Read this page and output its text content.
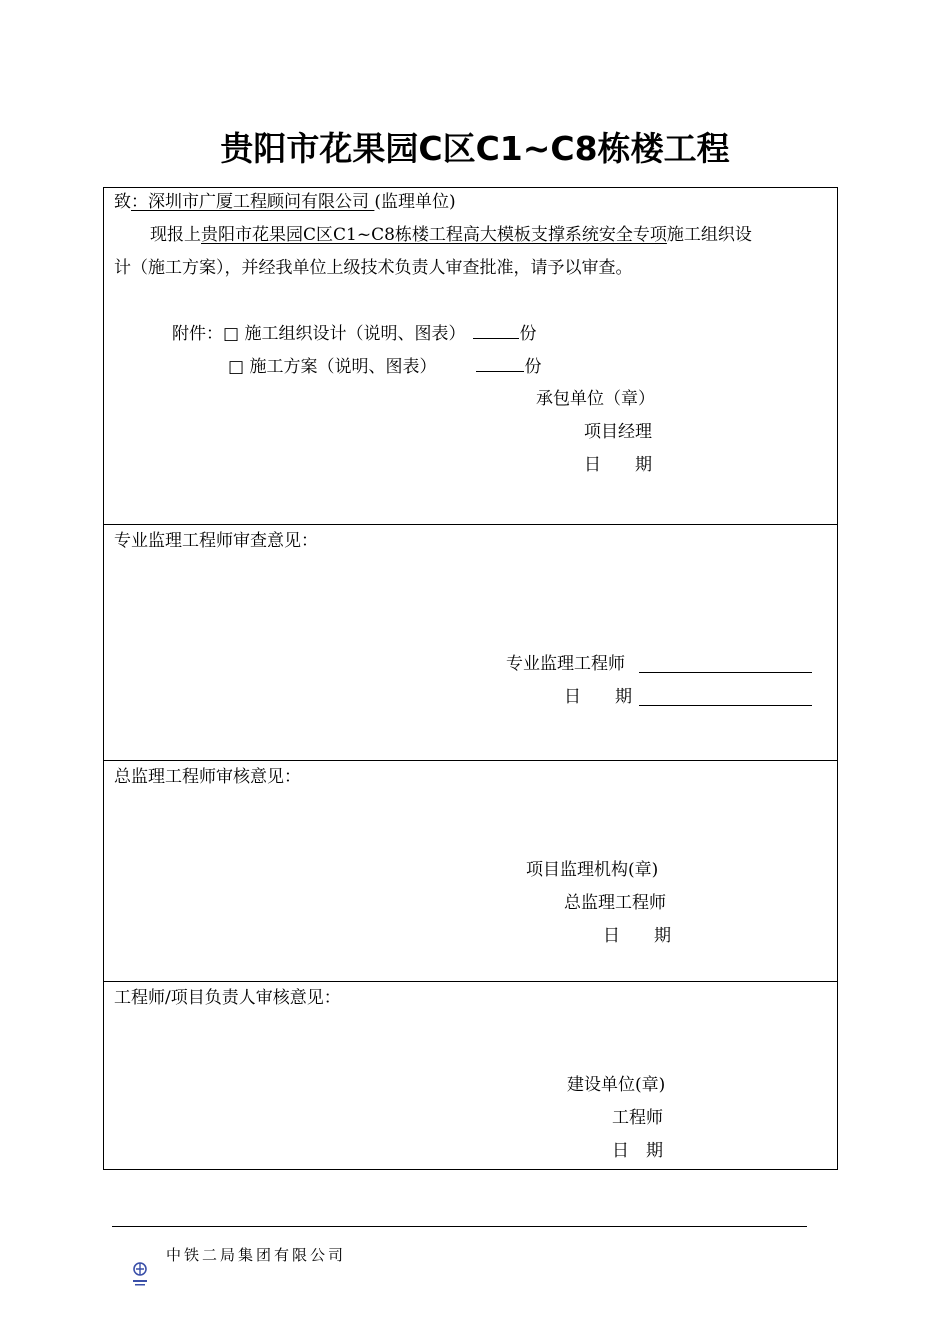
贵阳市花果园C区C1~C8栋楼工程
致：深圳市广厦工程顾问有限公司 (监理单位)
现报上贵阳市花果园C区C1~C8栋楼工程高大模板支撑系统安全专项施工组织设
计（施工方案），并经我单位上级技术负责人审查批准，请予以审查。
附件：□ 施工组织设计（说明、图表）	份
□ 施工方案（说明、图表）	份
承包单位（章）
项目经理
日　　期
专业监理工程师审查意见：
专业监理工程师
日　　期
总监理工程师审核意见：
项目监理机构(章)
总监理工程师
日　　期
工程师/项目负责人审核意见：
建设单位(章)
工程师
日　期
中铁二局集团有限公司
